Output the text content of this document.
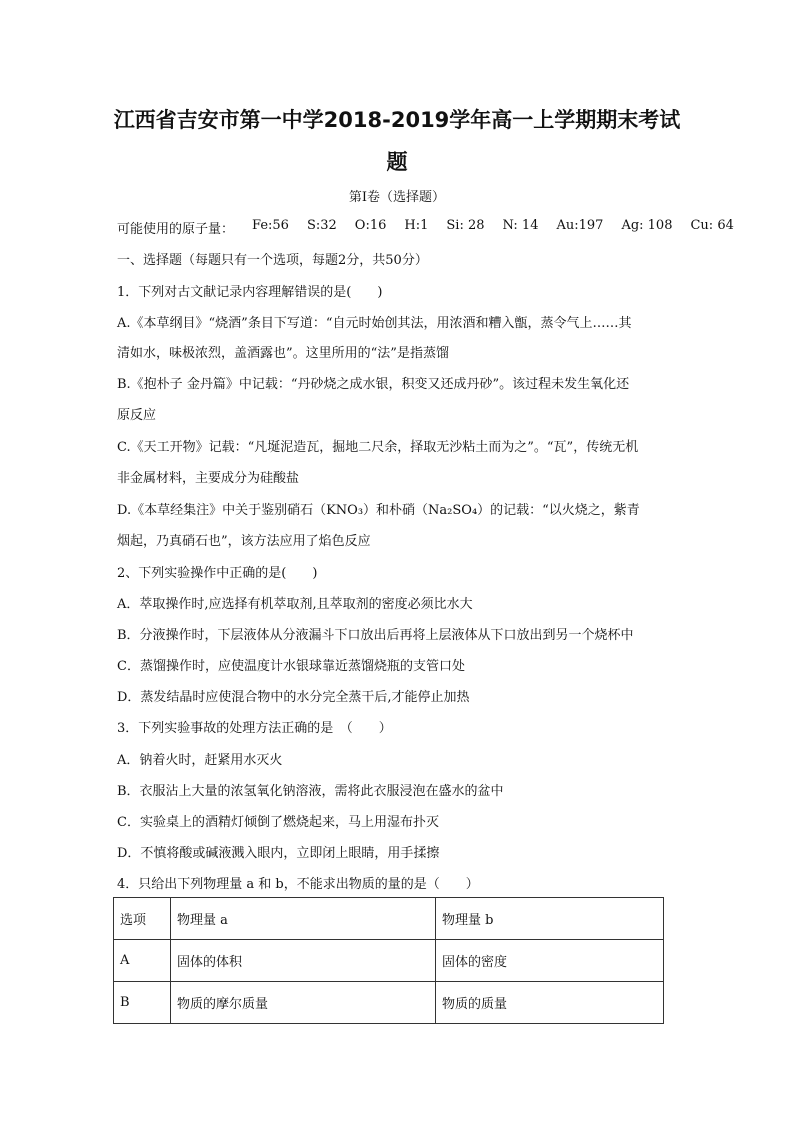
江西省吉安市第一中学2018-2019学年高一上学期期末考试
题
第Ⅰ卷（选择题）
可能使用的原子量： Fe:56 S:32 O:16 H:1 Si: 28 N: 14 Au:197 Ag: 108 Cu: 64
一、选择题（每题只有一个选项，每题2分，共50分）
1．下列对古文献记录内容理解错误的是(　　)
A.《本草纲目》“烧酒”条目下写道：“自元时始创其法，用浓酒和糟入甑，蒸令气上……其
清如水，味极浓烈，盖酒露也”。这里所用的“法”是指蒸馏
B.《抱朴子 金丹篇》中记载：“丹砂烧之成水银，积变又还成丹砂”。该过程未发生氧化还
原反应
C.《天工开物》记载：“凡埏泥造瓦，掘地二尺余，择取无沙粘土而为之”。“瓦”，传统无机
非金属材料，主要成分为硅酸盐
D.《本草经集注》中关于鉴别硝石（KNO₃）和朴硝（Na₂SO₄）的记载：“以火烧之，紫青
烟起，乃真硝石也”，该方法应用了焰色反应
2、下列实验操作中正确的是(　　)
A．萃取操作时,应选择有机萃取剂,且萃取剂的密度必须比水大
B．分液操作时，下层液体从分液漏斗下口放出后再将上层液体从下口放出到另一个烧杯中
C．蒸馏操作时，应使温度计水银球靠近蒸馏烧瓶的支管口处
D．蒸发结晶时应使混合物中的水分完全蒸干后,才能停止加热
3．下列实验事故的处理方法正确的是　（　　）
A．钠着火时，赶紧用水灭火
B．衣服沾上大量的浓氢氧化钠溶液，需将此衣服浸泡在盛水的盆中
C．实验桌上的酒精灯倾倒了燃烧起来，马上用湿布扑灭
D．不慎将酸或碱液溅入眼内，立即闭上眼睛，用手揉擦
4．只给出下列物理量 a 和 b，不能求出物质的量的是（　　）
选项	物理量 a	物理量 b
A	固体的体积	固体的密度
B	物质的摩尔质量	物质的质量
